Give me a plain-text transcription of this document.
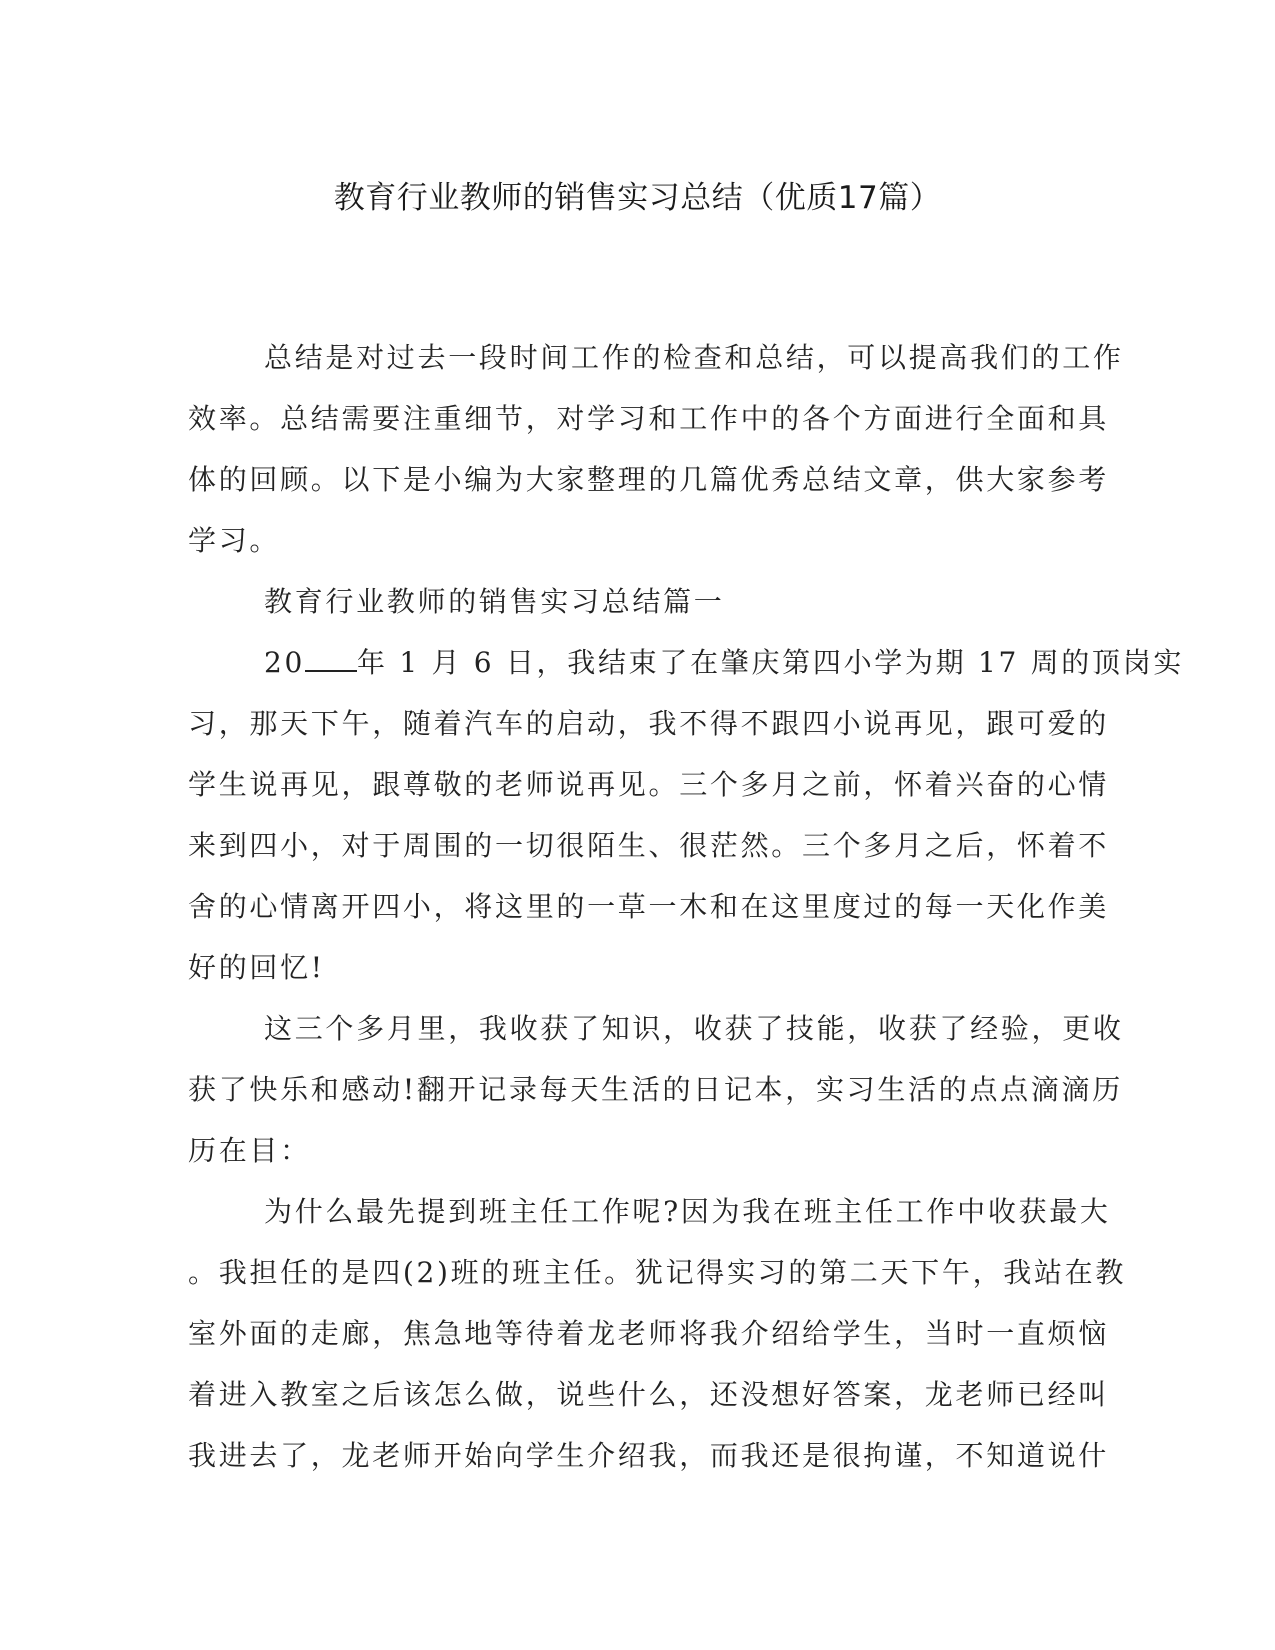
教育行业教师的销售实习总结（优质17篇）
总结是对过去一段时间工作的检查和总结，可以提高我们的工作
效率。总结需要注重细节，对学习和工作中的各个方面进行全面和具
体的回顾。以下是小编为大家整理的几篇优秀总结文章，供大家参考
学习。
教育行业教师的销售实习总结篇一
20 年 1 月 6 日，我结束了在肇庆第四小学为期 17 周的顶岗实
习，那天下午，随着汽车的启动，我不得不跟四小说再见，跟可爱的
学生说再见，跟尊敬的老师说再见。三个多月之前，怀着兴奋的心情
来到四小，对于周围的一切很陌生、很茫然。三个多月之后，怀着不
舍的心情离开四小，将这里的一草一木和在这里度过的每一天化作美
好的回忆!
这三个多月里，我收获了知识，收获了技能，收获了经验，更收
获了快乐和感动!翻开记录每天生活的日记本，实习生活的点点滴滴历
历在目：
为什么最先提到班主任工作呢?因为我在班主任工作中收获最大
。我担任的是四(2)班的班主任。犹记得实习的第二天下午，我站在教
室外面的走廊，焦急地等待着龙老师将我介绍给学生，当时一直烦恼
着进入教室之后该怎么做，说些什么，还没想好答案，龙老师已经叫
我进去了，龙老师开始向学生介绍我，而我还是很拘谨，不知道说什
